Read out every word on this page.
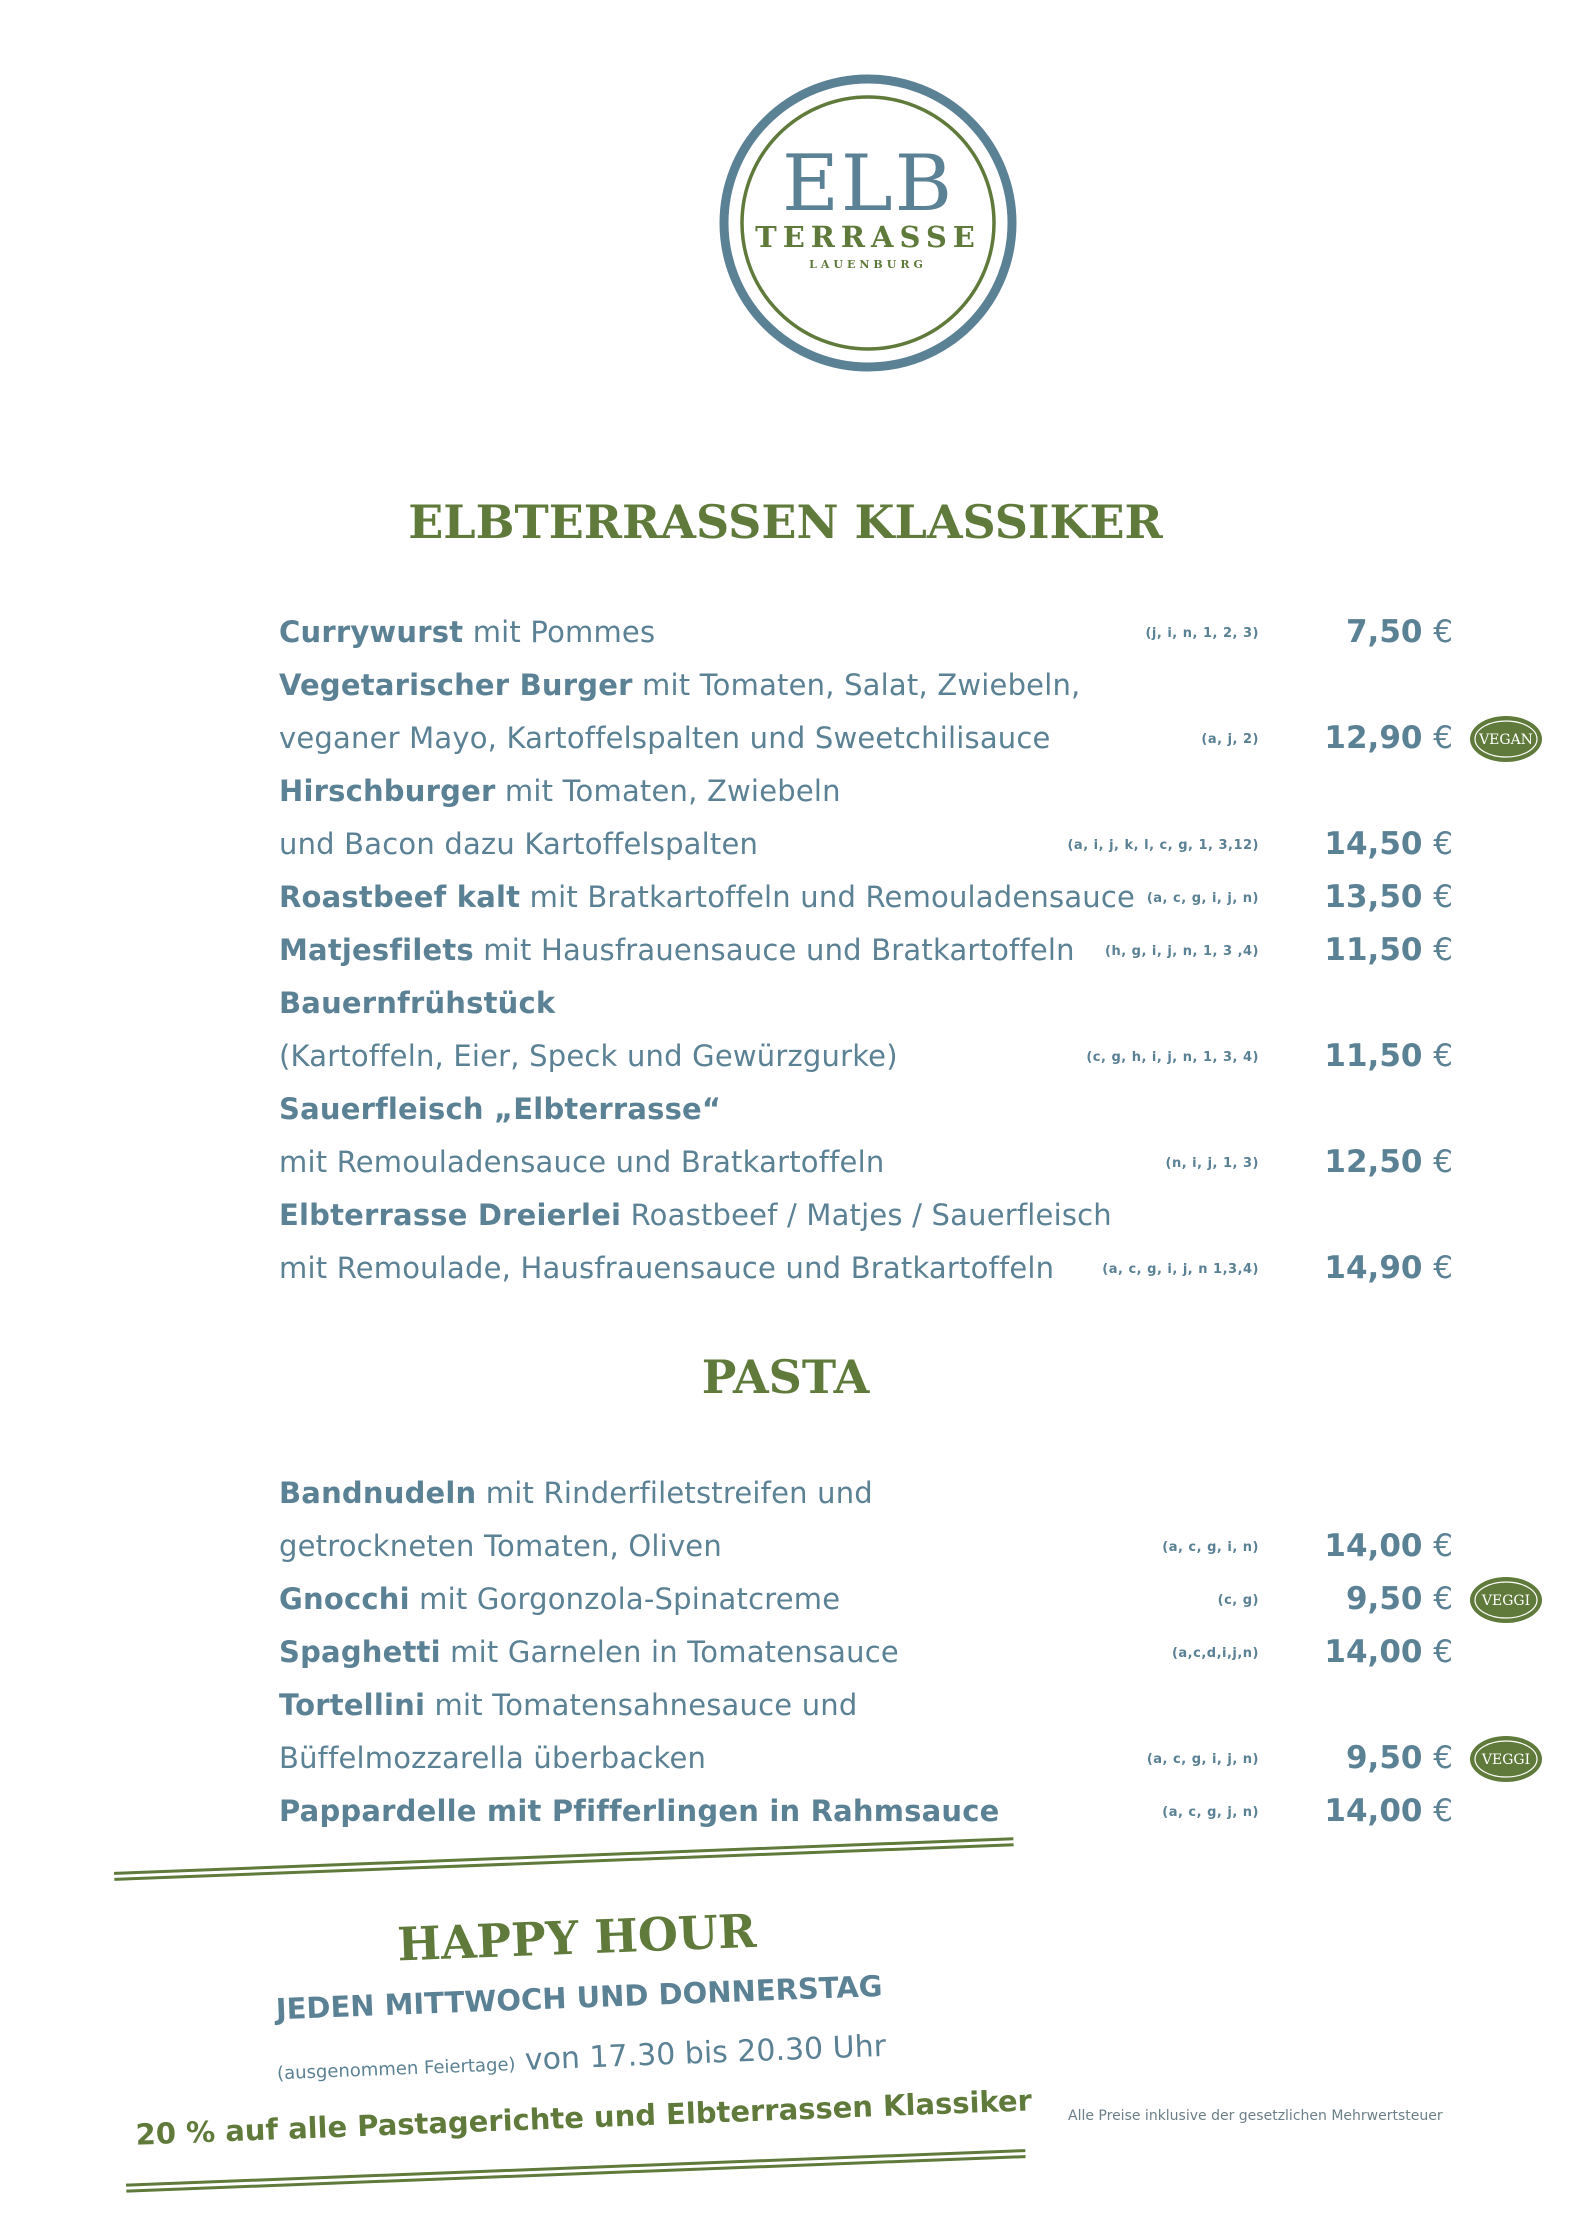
ELB
TERRASSE
LAUENBURG
ELBTERRASSEN KLASSIKER
Currywurst mit Pommes	(j, i, n, 1, 2, 3)	7,50 €
Vegetarischer Burger mit Tomaten, Salat, Zwiebeln,
veganer Mayo, Kartoffelspalten und Sweetchilisauce	(a, j, 2) 12,90 € VEGAN
Hirschburger mit Tomaten, Zwiebeln
und Bacon dazu Kartoffelspalten	(a, i, j, k, l, c, g, 1, 3,12) 14,50 €
Roastbeef kalt mit Bratkartoffeln und Remouladensauce (a, c, g, i, j, n) 13,50 €
Matjesfilets mit Hausfrauensauce und Bratkartoffeln (h, g, i, j, n, 1, 3 ,4) 11,50 €
Bauernfrühstück
(Kartoffeln, Eier, Speck und Gewürzgurke)	(c, g, h, i, j, n, 1, 3, 4) 11,50 €
Sauerfleisch „Elbterrasse“
mit Remouladensauce und Bratkartoffeln	(n, i, j, 1, 3) 12,50 €
Elbterrasse Dreierlei Roastbeef / Matjes / Sauerfleisch
mit Remoulade, Hausfrauensauce und Bratkartoffeln	(a, c, g, i, j, n 1,3,4) 14,90 €
PASTA
Bandnudeln mit Rinderfiletstreifen und
getrockneten Tomaten, Oliven	(a, c, g, i, n) 14,00 €
Gnocchi mit Gorgonzola-Spinatcreme	(c, g)	9,50 € VEGGI
Spaghetti mit Garnelen in Tomatensauce	(a,c,d,i,j,n) 14,00 €
Tortellini mit Tomatensahnesauce und
Büffelmozzarella überbacken	(a, c, g, i, j, n)	9,50 € VEGGI
Pappardelle mit Pfifferlingen in Rahmsauce	(a, c, g, j, n) 14,00 €
HAPPY HOUR
JEDEN MITTWOCH UND DONNERSTAG
(ausgenommen Feiertage) von 17.30 bis 20.30 Uhr
20 % auf alle Pastagerichte und Elbterrassen Klassiker	Alle Preise inklusive der gesetzlichen Mehrwertsteuer
